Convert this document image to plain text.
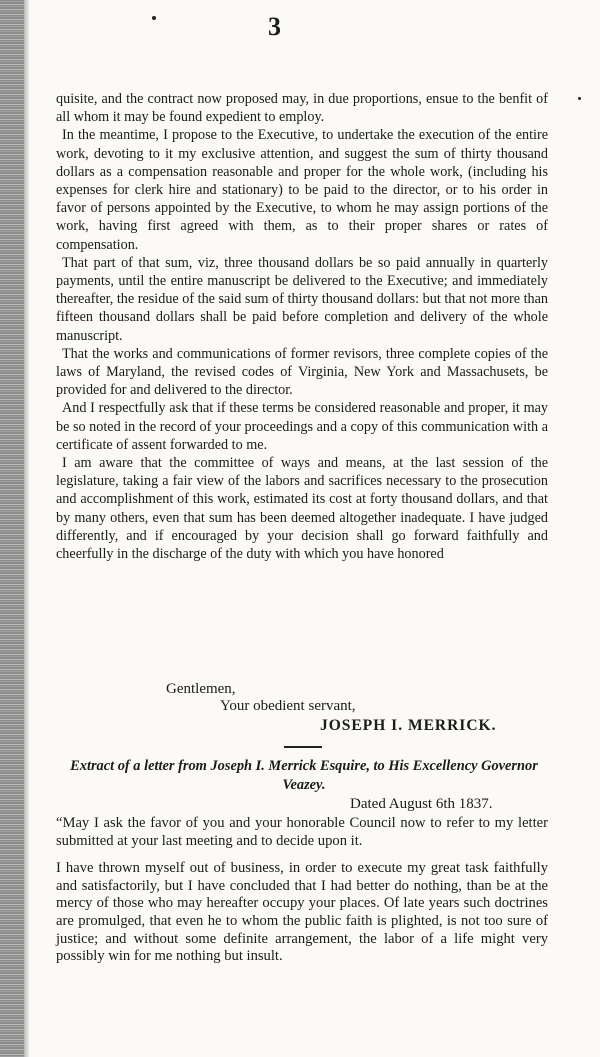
3

quisite, and the contract now proposed may, in due proportions, ensue to the benfit of all whom it may be found expedient to employ.

In the meantime, I propose to the Executive, to undertake the execution of the entire work, devoting to it my exclusive attention, and suggest the sum of thirty thousand dollars as a compensation reasonable and proper for the whole work, (including his expenses for clerk hire and stationary) to be paid to the director, or to his order in favor of persons appointed by the Executive, to whom he may assign portions of the work, having first agreed with them, as to their proper shares or rates of compensation.

That part of that sum, viz, three thousand dollars be so paid annually in quarterly payments, until the entire manuscript be delivered to the Executive; and immediately thereafter, the residue of the said sum of thirty thousand dollars: but that not more than fifteen thousand dollars shall be paid before completion and delivery of the whole manuscript.

That the works and communications of former revisors, three complete copies of the laws of Maryland, the revised codes of Virginia, New York and Massachusets, be provided for and delivered to the director.

And I respectfully ask that if these terms be considered reasonable and proper, it may be so noted in the record of your proceedings and a copy of this communication with a certificate of assent forwarded to me.

I am aware that the committee of ways and means, at the last session of the legislature, taking a fair view of the labors and sacrifices necessary to the prosecution and accomplishment of this work, estimated its cost at forty thousand dollars, and that by many others, even that sum has been deemed altogether inadequate. I have judged differently, and if encouraged by your decision shall go forward faithfully and cheerfully in the discharge of the duty with which you have honored

Gentlemen,
Your obedient servant,
JOSEPH I. MERRICK.
Extract of a letter from Joseph I. Merrick Esquire, to His Excellency Governor Veazey.
Dated August 6th 1837.

“May I ask the favor of you and your honorable Council now to refer to my letter submitted at your last meeting and to decide upon it.

I have thrown myself out of business, in order to execute my great task faithfully and satisfactorily, but I have concluded that I had better do nothing, than be at the mercy of those who may hereafter occupy your places. Of late years such doctrines are promulged, that even he to whom the public faith is plighted, is not too sure of justice; and without some definite arrangement, the labor of a life might very possibly win for me nothing but insult.
